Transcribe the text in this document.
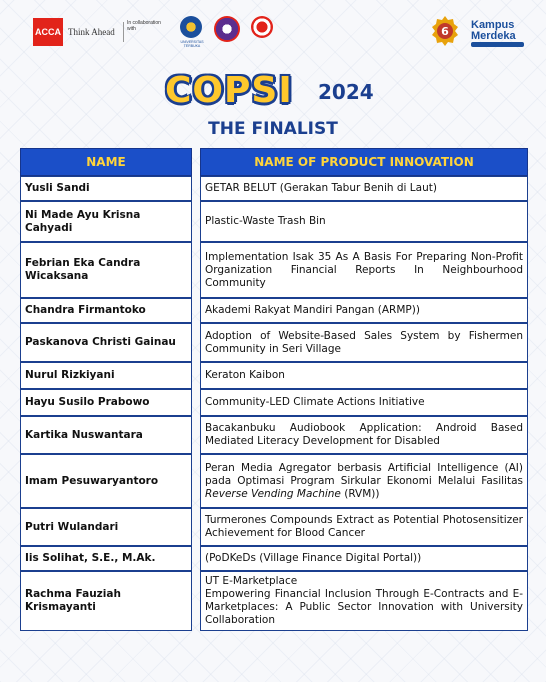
ACCA Think Ahead
In collaboration with
UNIVERSITAS TERBUKA
6 Kampus
Merdeka
COPSI 2024
THE FINALIST
NAME		NAME OF PRODUCT INNOVATION
Yusli Sandi		GETAR BELUT (Gerakan Tabur Benih di Laut)
Ni Made Ayu Krisna Cahyadi		Plastic-Waste Trash Bin
Febrian Eka Candra Wicaksana		Implementation Isak 35 As A Basis For Preparing Non-Profit Organization Financial Reports In Neighbourhood Community
Chandra Firmantoko		Akademi Rakyat Mandiri Pangan (ARMP))
Paskanova Christi Gainau		Adoption of Website-Based Sales System by Fishermen Community in Seri Village
Nurul Rizkiyani		Keraton Kaibon
Hayu Susilo Prabowo		Community-LED Climate Actions Initiative
Kartika Nuswantara		Bacakanbuku Audiobook Application: Android Based Mediated Literacy Development for Disabled
Imam Pesuwaryantoro		Peran Media Agregator berbasis Artificial Intelligence (AI) pada Optimasi Program Sirkular Ekonomi Melalui Fasilitas Reverse Vending Machine (RVM))
Putri Wulandari		Turmerones Compounds Extract as Potential Photosensitizer Achievement for Blood Cancer
Iis Solihat, S.E., M.Ak.		(PoDKeDs (Village Finance Digital Portal))
Rachma Fauziah Krismayanti		UT E-Marketplace
Empowering Financial Inclusion Through E-Contracts and E-Marketplaces: A Public Sector Innovation with University Collaboration
